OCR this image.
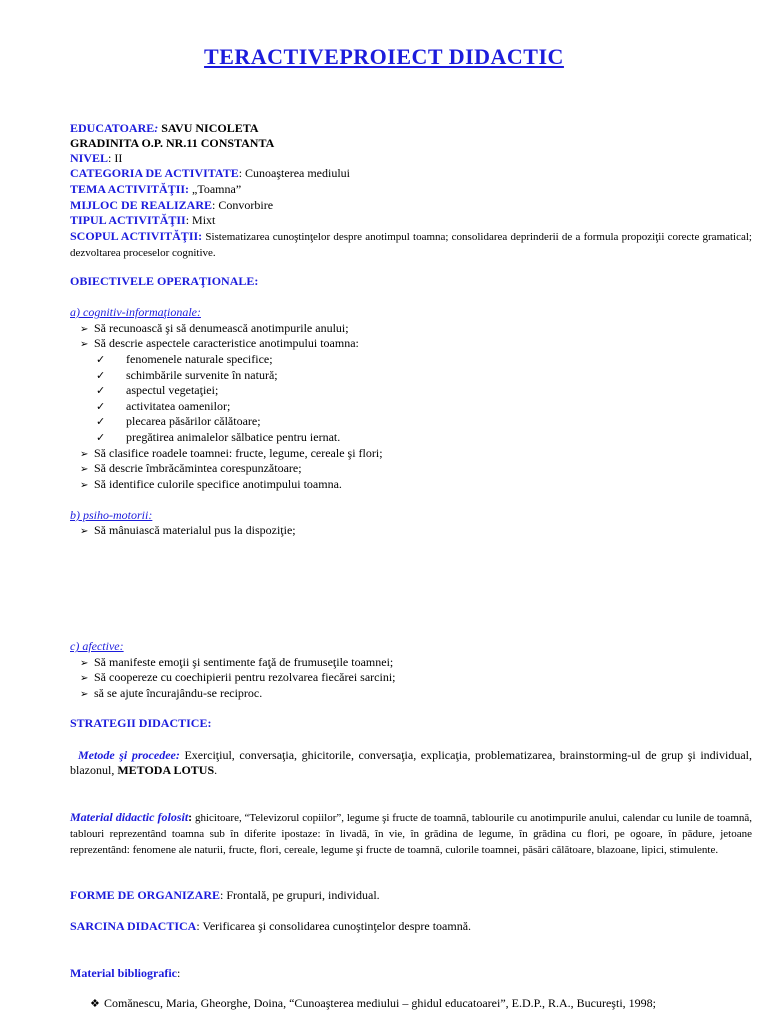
TERACTIVEPROIECT DIDACTIC
EDUCATOARE: SAVU NICOLETA
GRADINITA O.P. NR.11 CONSTANTA
NIVEL: II
CATEGORIA DE ACTIVITATE: Cunoaşterea mediului
TEMA ACTIVITĂŢII: „Toamna”
MIJLOC DE REALIZARE: Convorbire
TIPUL ACTIVITĂŢII: Mixt
SCOPUL ACTIVITĂŢII: Sistematizarea cunoştinţelor despre anotimpul toamna; consolidarea deprinderii de a formula propoziţii corecte gramatical; dezvoltarea proceselor cognitive.
OBIECTIVELE OPERAŢIONALE:
a) cognitiv-informaţionale:
➢ Să recunoască şi să denumească anotimpurile anului;
➢ Să descrie aspectele caracteristice anotimpului toamna:
✓ fenomenele naturale specifice;
✓ schimbările survenite în natură;
✓ aspectul vegetaţiei;
✓ activitatea oamenilor;
✓ plecarea păsărilor călătoare;
✓ pregătirea animalelor sălbatice pentru iernat.
➢ Să clasifice roadele toamnei: fructe, legume, cereale şi flori;
➢ Să descrie îmbrăcămintea corespunzătoare;
➢ Să identifice culorile specifice anotimpului toamna.
b) psiho-motorii:
➢ Să mânuiască materialul pus la dispoziţie;
c) afective:
➢ Să manifeste emoţii şi sentimente faţă de frumuseţile toamnei;
➢ Să coopereze cu coechipierii pentru rezolvarea fiecărei sarcini;
➢ să se ajute încurajându-se reciproc.
STRATEGII DIDACTICE:
Metode şi procedee: Exerciţiul, conversaţia, ghicitorile, conversaţia, explicaţia, problematizarea, brainstorming-ul de grup şi individual, blazonul, METODA LOTUS.
Material didactic folosit: ghicitoare, “Televizorul copiilor”, legume şi fructe de toamnă, tablourile cu anotimpurile anului, calendar cu lunile de toamnă, tablouri reprezentând toamna sub în diferite ipostaze: în livadă, în vie, în grădina de legume, în grădina cu flori, pe ogoare, în pădure, jetoane reprezentând: fenomene ale naturii, fructe, flori, cereale, legume şi fructe de toamnă, culorile toamnei, păsări călătoare, blazoane, lipici, stimulente.
FORME DE ORGANIZARE: Frontală, pe grupuri, individual.
SARCINA DIDACTICA: Verificarea şi consolidarea cunoştinţelor despre toamnă.
Material bibliografic:
❖ Comănescu, Maria, Gheorghe, Doina, “Cunoaşterea mediului – ghidul educatoarei”, E.D.P., R.A., Bucureşti, 1998;
